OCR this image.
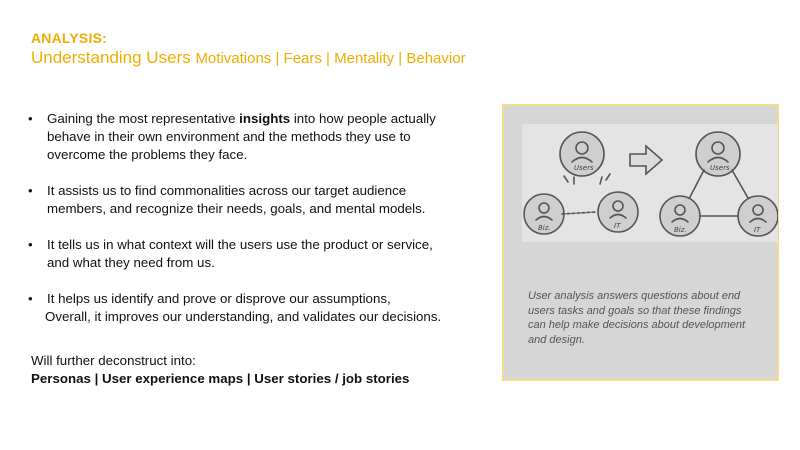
ANALYSIS:
Understanding Users Motivations | Fears | Mentality | Behavior
• Gaining the most representative insights into how people actually
behave in their own environment and the methods they use to
overcome the problems they face.
• It assists us to find commonalities across our target audience
members, and recognize their needs, goals, and mental models.
• It tells us in what context will the users use the product or service,
and what they need from us.
• It helps us identify and prove or disprove our assumptions,
Overall, it improves our understanding, and validates our decisions.
Will further deconstruct into:
Personas | User experience maps | User stories / job stories
Users
Biz.	IT
Users
Biz.	IT
User analysis answers questions about end
users tasks and goals so that these findings
can help make decisions about development
and design.
